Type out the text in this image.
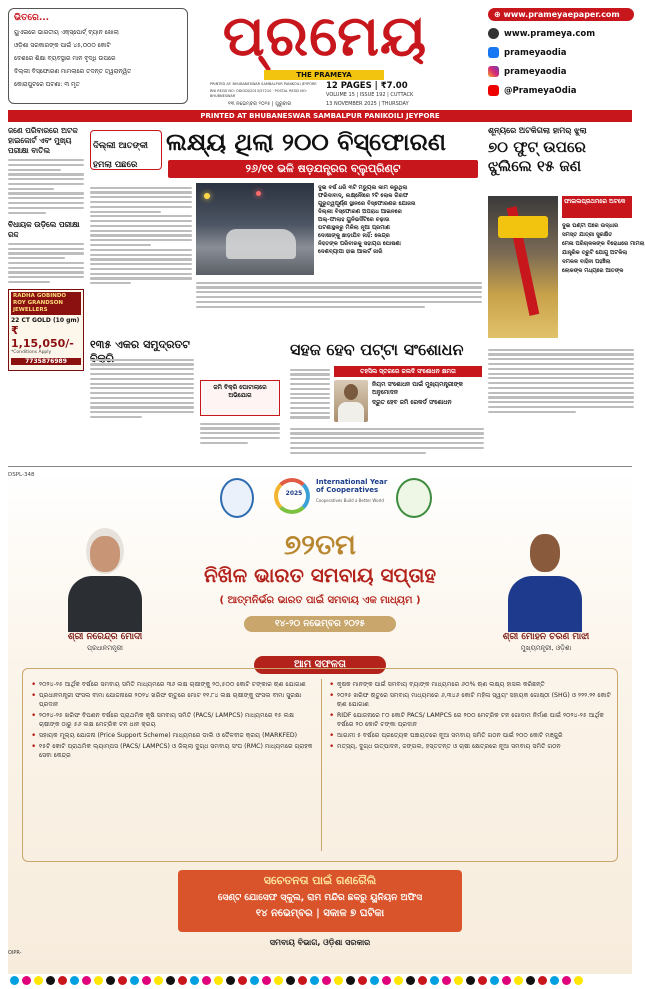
ଭିତରେ...
ୟୁଏଇରେ ଭାରତୀୟ ଏକ୍ସ୍‌ପୋର୍ଟ୍‌ ବ୍ୟାନ ଖୋଲା
ଓଡ଼ିଶା ସରକାରଙ୍କ ପାଇଁ ୪୫,୦୦୦ କୋଟି
ଦେଶରେ ଶିକ୍ଷା ବ୍ୟବସ୍ଥାର ମାନ ବୃଦ୍ଧି ଉପରେ
ଦିଲ୍ଲୀ ବିସ୍ଫୋରଣ ମାମଲାରେ ତଦନ୍ତ ତ୍ୱରାନ୍ୱିତ
କୋରାପୁଟରେ ଘଟଣା: ୩ ମୃତ
ପ୍ରମେୟ
THE PRAMEYA
PRINTED AT: BHUBANESWAR SAMBALPUR PANIKOILI JEYPORE
RNI REGD NO: ODIODI/2013/57210 · POSTAL REGD NO: BHUBNESWAR
12 PAGES | ₹7.00
୧୩ ନଭେମ୍ବର ୨୦୨୫ | ଗୁରୁବାର
VOLUME 15 | ISSUE 192 | CUTTACK
13 NOVEMBER 2025 | THURSDAY
⊕ www.prameyaepaper.com
www.prameya.com
prameyaodia
prameyaodia
@PrameyaOdia
PRINTED AT BHUBANESWAR SAMBALPUR PANIKOILI JEYPORE
ଜଣେ ପରିବାରରେ ଅଟକ ହାଇକୋର୍ଟ ଏବଂ ମୁଖ୍ୟ ପରୀକ୍ଷା ବାତିଲ
ବିଧାୟକ ଉଡ଼ିଲେ ପରୀକ୍ଷା ରଦ୍ଦ
RADHA GOBINDO ROY GRANDSON JEWELLERS
22 CT GOLD (10 gm)
₹ 1,15,050/-
*Conditions Apply
7735876989
ଦିଲ୍ଲୀ ଆତଙ୍କୀ ହମଲା ପଛରେ
ଲକ୍ଷ୍ୟ ଥିଲା ୨୦୦ ବିସ୍ଫୋରଣ
୨୬/୧୧ ଭଳି ଷଡ଼ଯନ୍ତ୍ରର ବ୍ଲୁପ୍ରିଣ୍ଟ
ଦୁଇ ବର୍ଷ ଧରି ୩ଟି ମଡ୍ୟୁଲ କାମ କରୁଥିଲା
ଫରିଦାବାଦ୍, ଲକ୍ଷ୍ନୌରେ ୨ଟି ଲୋକ ଗିରଫ
ଗୁରୁତ୍ୱପୂର୍ଣ୍ଣ ସ୍ଥାନରେ ବିସ୍ଫୋରଣର ଯୋଜନା
ଦିଲ୍ଲୀ ବିସ୍ଫୋରଣ ଅପରାଧ ଆଇନରେ
ଅଲ୍-ଫାଲାହ ୟୁନିଭର୍ସିଟିରେ ଚଢ଼ାଉ
ଘଟଣାସ୍ଥଳରୁ ମିଳିଲା ନୂଆ ପ୍ରମାଣ
ଦୋଷୀଙ୍କୁ ଛାଡ଼ାଯିବ ନାହିଁ: କେନ୍ଦ୍ର
ନିହତଙ୍କ ପରିବାରକୁ ସହାୟତା ଘୋଷଣା
ଦେଶବ୍ୟାପୀ ହାଇ ଆଲର୍ଟ ଜାରି
ଶୂନ୍ୟରେ ଅଟକିଗଲା ହାମର୍ ଝୁଲା
୭୦ ଫୁଟ୍ ଉପରେ ଝୁଲିଲେ ୧୫ ଜଣ
ଫାଇଲପ୍ରଥମରେ ଅଟକେ
ଦୁଇ ଘଣ୍ଟା ପରେ ଉଦ୍ଧାର
ସମସ୍ତ ଯାତ୍ରୀ ସୁରକ୍ଷିତ
ମେଳା ପରିଚାଳକଙ୍କ ବିରୋଧରେ ମାମଲା
ଯାନ୍ତ୍ରିକ ତ୍ରୁଟି ଯୋଗୁ ଅଟକିଲା
ଦମକଳ ବାହିନୀ ପହଞ୍ଚିଲା
ଲୋକଙ୍କ ମଧ୍ୟରେ ଆତଙ୍କ
୧୩୫ ଏକର ସମୁଦ୍ରତଟ
ଜମି ବିକ୍ରି ଘୋଟାଲାରେ ଅଭିଯୋଗ
ସହଜ ହେବ ପଟ୍ଟା ସଂଶୋଧନ
ତହସିଲ ସ୍ତରରେ ଜଲଦି ସଂଶୋଧନ କ୍ଷମତା
ନିୟମ ସଂଶୋଧନ ପାଇଁ ମୁଖ୍ୟମନ୍ତ୍ରୀଙ୍କ ଅନୁମୋଦନ
ଦ୍ରୁତ ହେବ ଜମି ରେକର୍ଡ ସଂଶୋଧନ
DSPL-348
2025
International Year of Cooperatives
Cooperatives Build a Better World
ଶ୍ରୀ ନରେନ୍ଦ୍ର ମୋଦୀ
ପ୍ରଧାନମନ୍ତ୍ରୀ
ଶ୍ରୀ ମୋହନ ଚରଣ ମାଝୀ
ମୁଖ୍ୟମନ୍ତ୍ରୀ, ଓଡ଼ିଶା
୭୨ତମ
ନିଖିଳ ଭାରତ ସମବାୟ ସପ୍ତାହ
( ଆତ୍ମନିର୍ଭର ଭାରତ ପାଇଁ ସମବାୟ ଏକ ମାଧ୍ୟମ )
୧୪-୨୦ ନଭେମ୍ବର ୨୦୨୫
ଆମ ସଫଳତା
• ୨୦୨୪-୨୫ ଆର୍ଥିକ ବର୍ଷରେ ସମବାୟ ସମିତି ମାଧ୍ୟମରେ ୩୬ ଲକ୍ଷ ଚାଷୀଙ୍କୁ ୨୦,୫୦୦ କୋଟି ଟଙ୍କାର ଋଣ ଯୋଗାଣ
• ପ୍ରଧାନମନ୍ତ୍ରୀ ଫସଲ ବୀମା ଯୋଜନାରେ ୨୦୨୪ ଖରିଫ ଋତୁରେ ମୋଟ ୧୧.୮୪ ଲକ୍ଷ ଚାଷୀଙ୍କୁ ଫସଲ ବୀମା ସୁରକ୍ଷା ପ୍ରଦାନ
• ୨୦୨୪-୨୫ ଖରିଫ ବିପଣନ ବର୍ଷରେ ପ୍ରାଥମିକ କୃଷି ସମବାୟ ସମିତି (PACS/ LAMPCS) ମାଧ୍ୟମରେ ୧୫ ଲକ୍ଷ ଚାଷୀଙ୍କ ଠାରୁ ୫୬ ଲକ୍ଷ ମେଟ୍ରିକ ଟନ ଧାନ କ୍ରୟ
• ସହାୟକ ମୂଲ୍ୟ ଯୋଜନା (Price Support Scheme) ମାଧ୍ୟମରେ ଡାଲି ଓ ତୈଳବୀଜ କ୍ରୟ (MARKFED)
• ୧୫ଟି କୋଟି ପ୍ରାଥମିକ ଲ୍ୟାମ୍ପସ (PACS/ LAMPCS) ଓ ଜିଲ୍ଲା ଦୁଗ୍ଧ ସମବାୟ ସଂଘ (RMC) ମାଧ୍ୟମରେ ଗ୍ରାହକ ସେବା କେନ୍ଦ୍ର
• କୃଷକ ମାନଙ୍କ ପାଇଁ ସମବାୟ ବ୍ୟାଙ୍କ ମାଧ୍ୟମରେ ୬୦% ଋଣ ଲକ୍ଷ୍ୟ ହାସଲ କରିଛନ୍ତି
• ୨୦୨୫ ଖରିଫ ଋତୁରେ ସମବାୟ ମାଧ୍ୟମରେ ୬,୩୪୬ କୋଟି ମହିଳା ସ୍ୱୟଂ ସହାୟକ ଗୋଷ୍ଠୀ (SHG) ଓ ୨୨୨.୨୧ କୋଟି ଋଣ ଯୋଗାଣ
• RIDF ଯୋଜନାରେ ୮୦ କୋଟି PACS/ LAMPCS ରେ ୨୦୦ ମେଟ୍ରିକ ଟନ ଗୋଦାମ ନିର୍ମାଣ ପାଇଁ ୨୦୨୪-୨୫ ଆର୍ଥିକ ବର୍ଷରେ ୨୦ କୋଟି ଟଙ୍କା ପ୍ରଦାନ
• ଆଗାମୀ ୫ ବର୍ଷରେ ପ୍ରତ୍ୟେକ ପଞ୍ଚାୟତରେ ନୂଆ ସମବାୟ ସମିତି ଗଠନ ପାଇଁ ୨୦୦ କୋଟି ମଞ୍ଜୁରି
• ମତ୍ସ୍ୟ, ଦୁଗ୍ଧ ଉତ୍ପାଦନ, ଜଙ୍ଗଲ, ହସ୍ତତନ୍ତ ଓ ଚାଷୀ କ୍ଷେତ୍ରରେ ନୂଆ ସମବାୟ ସମିତି ଗଠନ
ସଚେତନତା ପାଇଁ ଗଣରୈଲି
ସେଣ୍ଟ ଯୋସେଫ ସ୍କୁଲ, ରାମ ମନ୍ଦିର ଛକରୁ ୟୁନିୟନ ଅଫିସ
୧୪ ନଭେମ୍ବର | ସକାଳ ୭ ଘଟିକା
ସମବାୟ ବିଭାଗ, ଓଡ଼ିଶା ସରକାର
OIPR-
